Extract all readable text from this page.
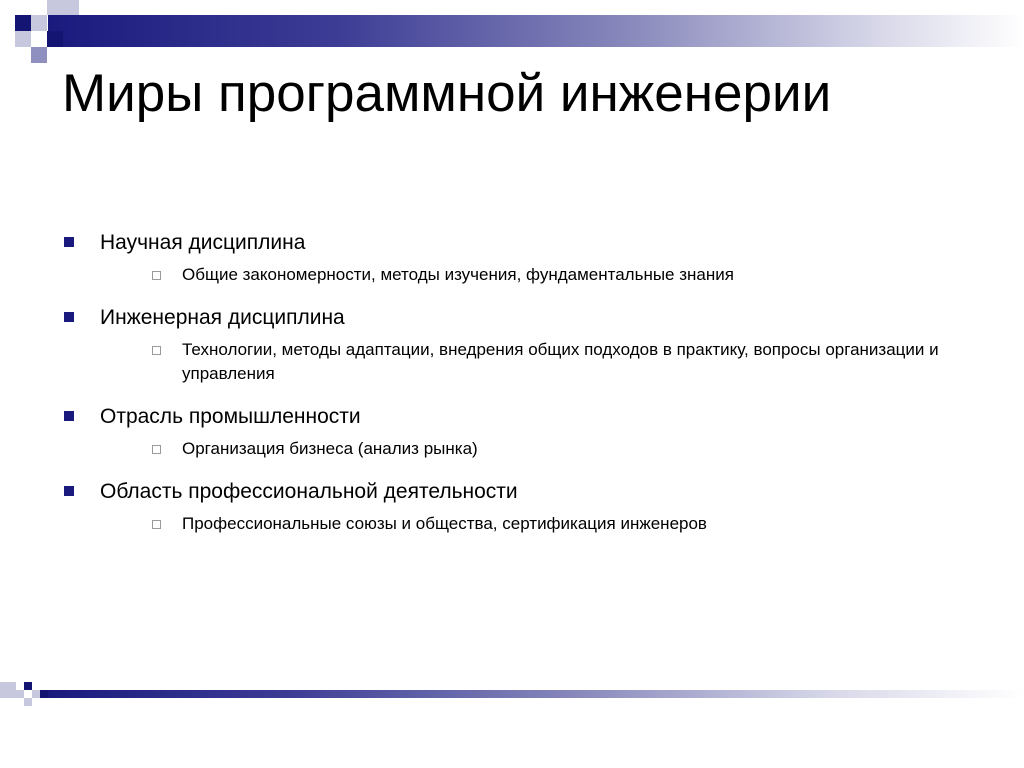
Миры программной инженерии
Научная дисциплина
Общие закономерности, методы изучения, фундаментальные знания
Инженерная дисциплина
Технологии, методы адаптации, внедрения общих подходов в практику, вопросы организации и управления
Отрасль промышленности
Организация бизнеса (анализ рынка)
Область профессиональной деятельности
Профессиональные союзы и общества, сертификация инженеров
